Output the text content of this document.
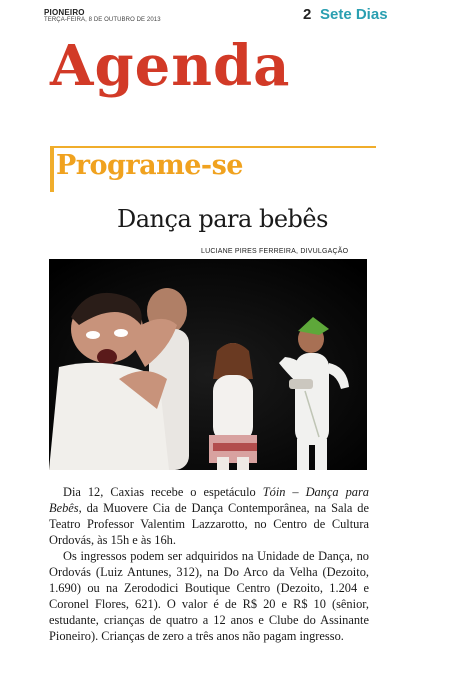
PIONEIRO
TERÇA-FEIRA, 8 DE OUTUBRO DE 2013	2 Sete Dias
Agenda
Programe-se
Dança para bebês
LUCIANE PIRES FERREIRA, DIVULGAÇÃO

Dia 12, Caxias recebe o espetáculo Tóin – Dança para Bebês, da Muovere Cia de Dança Contemporânea, na Sala de Teatro Professor Valentim Lazzarotto, no Centro de Cultura Ordovás, às 15h e às 16h.

Os ingressos podem ser adquiridos na Unidade de Dança, no Ordovás (Luiz Antunes, 312), na Do Arco da Velha (Dezoito, 1.690) ou na Zerododici Boutique Centro (Dezoito, 1.204 e Coronel Flores, 621). O valor é de R$ 20 e R$ 10 (sênior, estudante, crianças de quatro a 12 anos e Clube do Assinante Pioneiro). Crianças de zero a três anos não pagam ingresso.
